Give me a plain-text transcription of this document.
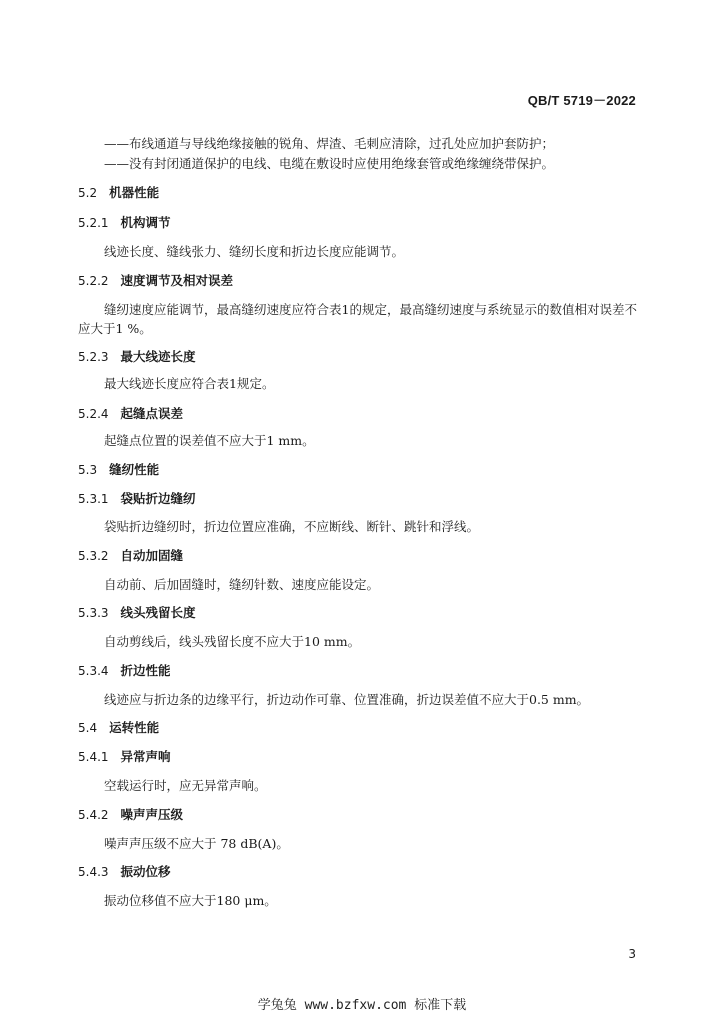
QB/T 5719－2022
——布线通道与导线绝缘接触的锐角、焊渣、毛刺应清除，过孔处应加护套防护；
——没有封闭通道保护的电线、电缆在敷设时应使用绝缘套管或绝缘缠绕带保护。
5.2 机器性能
5.2.1 机构调节
线迹长度、缝线张力、缝纫长度和折边长度应能调节。
5.2.2 速度调节及相对误差
缝纫速度应能调节，最高缝纫速度应符合表1的规定，最高缝纫速度与系统显示的数值相对误差不
应大于1 %。
5.2.3 最大线迹长度
最大线迹长度应符合表1规定。
5.2.4 起缝点误差
起缝点位置的误差值不应大于1 mm。
5.3 缝纫性能
5.3.1 袋贴折边缝纫
袋贴折边缝纫时，折边位置应准确，不应断线、断针、跳针和浮线。
5.3.2 自动加固缝
自动前、后加固缝时，缝纫针数、速度应能设定。
5.3.3 线头残留长度
自动剪线后，线头残留长度不应大于10 mm。
5.3.4 折边性能
线迹应与折边条的边缘平行，折边动作可靠、位置准确，折边误差值不应大于0.5 mm。
5.4 运转性能
5.4.1 异常声响
空载运行时，应无异常声响。
5.4.2 噪声声压级
噪声声压级不应大于 78 dB(A)。
5.4.3 振动位移
振动位移值不应大于180 μm。
3
学兔兔 www.bzfxw.com 标准下载
